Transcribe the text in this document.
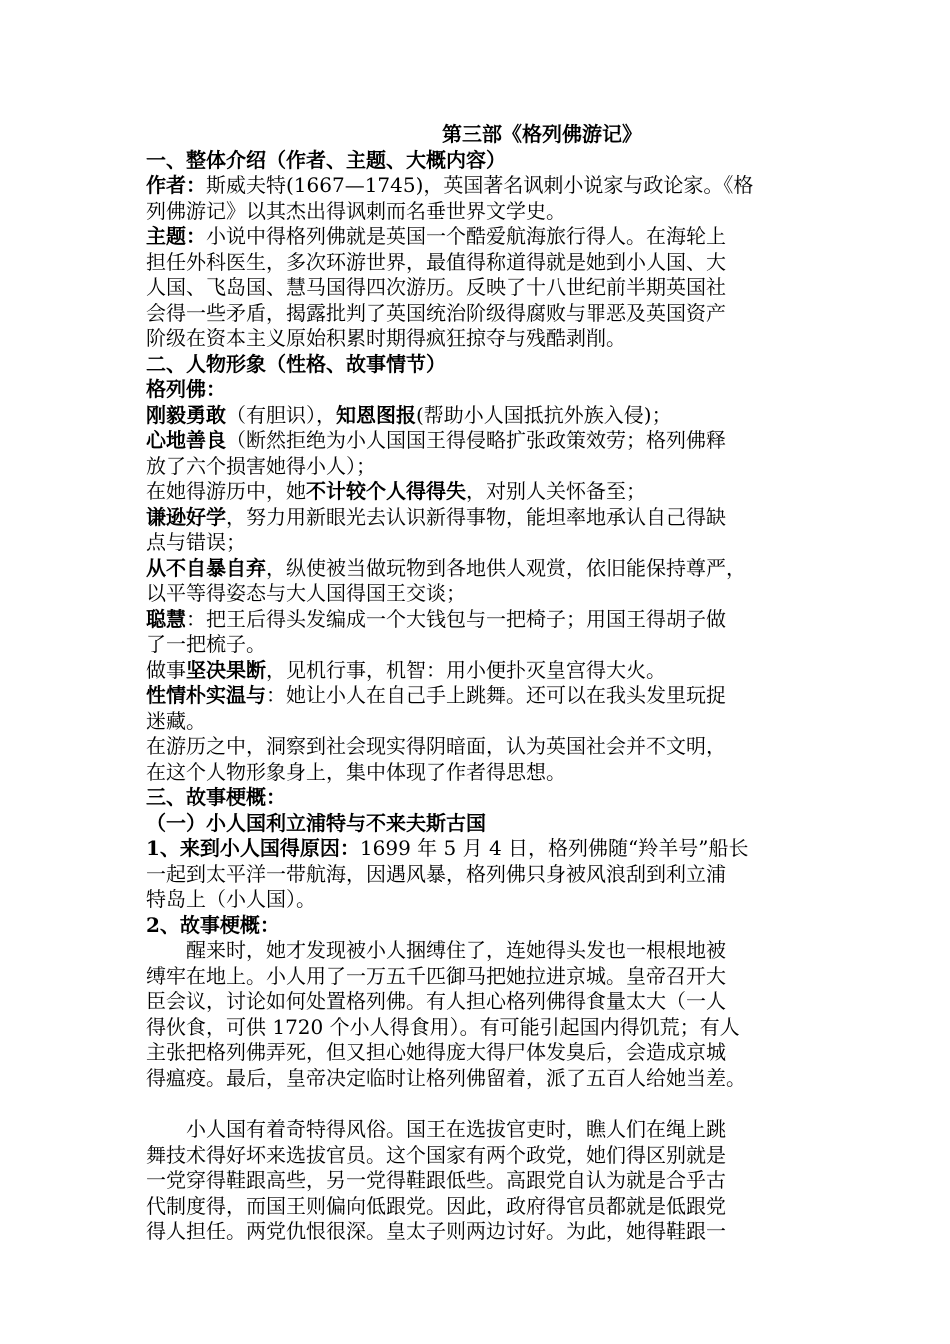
第三部《格列佛游记》

一、整体介绍（作者、主题、大概内容）

作者：斯威夫特(1667—1745)，英国著名讽刺小说家与政论家。《格

列佛游记》以其杰出得讽刺而名垂世界文学史。

主题：小说中得格列佛就是英国一个酷爱航海旅行得人。在海轮上

担任外科医生，多次环游世界，最值得称道得就是她到小人国、大

人国、飞岛国、慧马国得四次游历。反映了十八世纪前半期英国社

会得一些矛盾，揭露批判了英国统治阶级得腐败与罪恶及英国资产

阶级在资本主义原始积累时期得疯狂掠夺与残酷剥削。

二、人物形象（性格、故事情节）

格列佛：

刚毅勇敢（有胆识），知恩图报(帮助小人国抵抗外族入侵)；

心地善良（断然拒绝为小人国国王得侵略扩张政策效劳；格列佛释

放了六个损害她得小人）；

在她得游历中，她不计较个人得得失，对别人关怀备至；

谦逊好学，努力用新眼光去认识新得事物，能坦率地承认自己得缺

点与错误；

从不自暴自弃，纵使被当做玩物到各地供人观赏，依旧能保持尊严，

以平等得姿态与大人国得国王交谈；

聪慧：把王后得头发编成一个大钱包与一把椅子；用国王得胡子做

了一把梳子。

做事坚决果断，见机行事，机智：用小便扑灭皇宫得大火。

性情朴实温与：她让小人在自己手上跳舞。还可以在我头发里玩捉

迷藏。

在游历之中，洞察到社会现实得阴暗面，认为英国社会并不文明，

在这个人物形象身上，集中体现了作者得思想。

三、故事梗概：

（一）小人国利立浦特与不来夫斯古国

1、来到小人国得原因：1699 年 5 月 4 日，格列佛随“羚羊号”船长

一起到太平洋一带航海，因遇风暴，格列佛只身被风浪刮到利立浦

特岛上（小人国）。

2、故事梗概：

醒来时，她才发现被小人捆缚住了，连她得头发也一根根地被

缚牢在地上。小人用了一万五千匹御马把她拉进京城。皇帝召开大

臣会议，讨论如何处置格列佛。有人担心格列佛得食量太大（一人

得伙食，可供 1720 个小人得食用）。有可能引起国内得饥荒；有人

主张把格列佛弄死，但又担心她得庞大得尸体发臭后，会造成京城

得瘟疫。最后，皇帝决定临时让格列佛留着，派了五百人给她当差。

小人国有着奇特得风俗。国王在选拔官吏时，瞧人们在绳上跳

舞技术得好坏来选拔官员。这个国家有两个政党，她们得区别就是

一党穿得鞋跟高些，另一党得鞋跟低些。高跟党自认为就是合乎古

代制度得，而国王则偏向低跟党。因此，政府得官员都就是低跟党

得人担任。两党仇恨很深。皇太子则两边讨好。为此，她得鞋跟一
